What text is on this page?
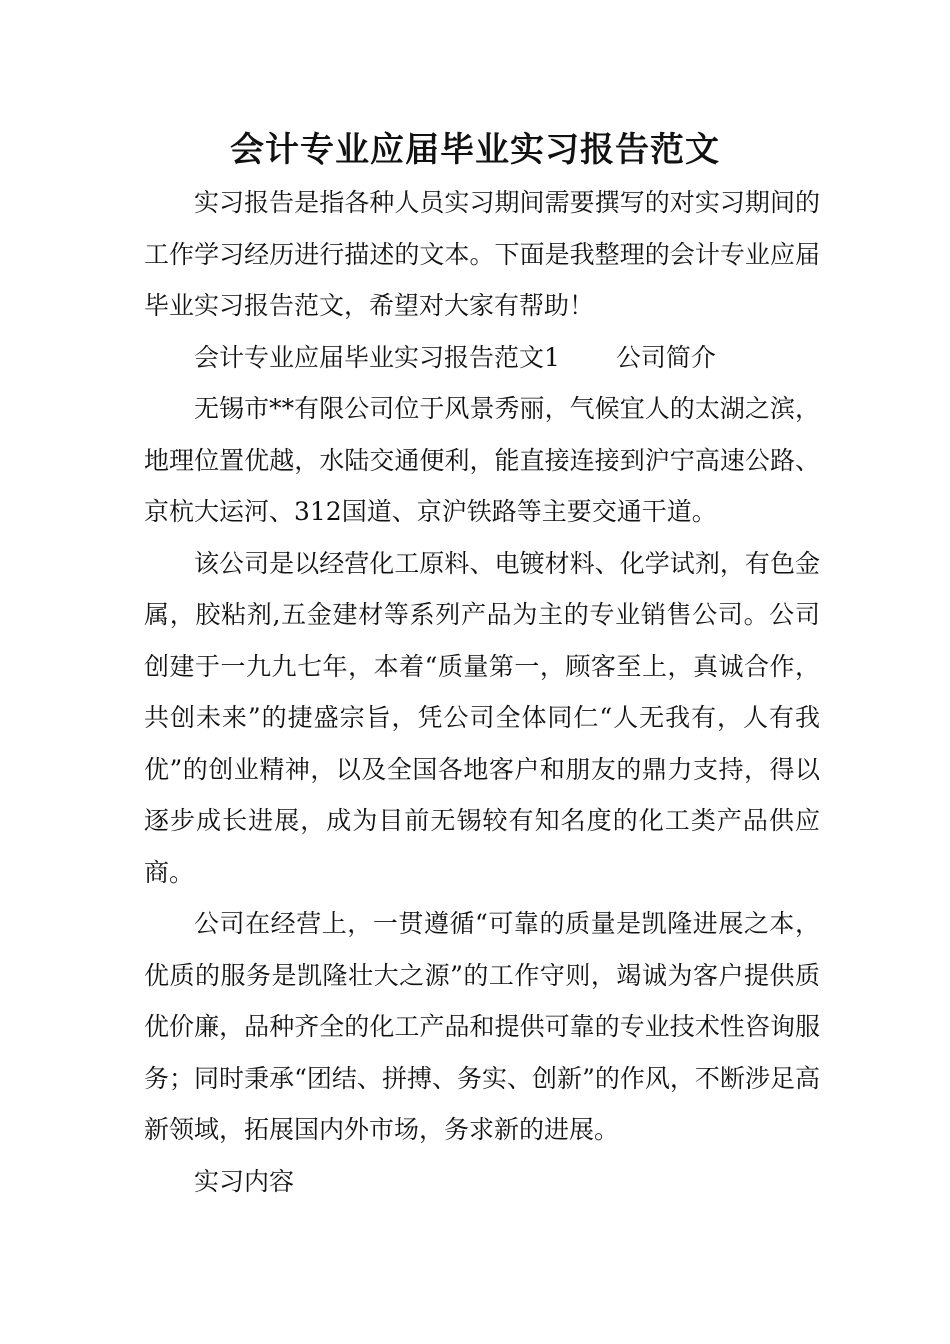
会计专业应届毕业实习报告范文

实习报告是指各种人员实习期间需要撰写的对实习期间的工作学习经历进行描述的文本。下面是我整理的会计专业应届毕业实习报告范文，希望对大家有帮助！

会计专业应届毕业实习报告范文1 公司简介

无锡市**有限公司位于风景秀丽，气候宜人的太湖之滨，地理位置优越，水陆交通便利，能直接连接到沪宁高速公路、京杭大运河、312国道、京沪铁路等主要交通干道。

该公司是以经营化工原料、电镀材料、化学试剂，有色金属，胶粘剂,五金建材等系列产品为主的专业销售公司。公司创建于一九九七年，本着“质量第一，顾客至上，真诚合作，共创未来”的捷盛宗旨，凭公司全体同仁“人无我有，人有我优”的创业精神，以及全国各地客户和朋友的鼎力支持，得以逐步成长进展，成为目前无锡较有知名度的化工类产品供应商。

公司在经营上，一贯遵循“可靠的质量是凯隆进展之本，优质的服务是凯隆壮大之源”的工作守则，竭诚为客户提供质优价廉，品种齐全的化工产品和提供可靠的专业技术性咨询服务；同时秉承“团结、拼搏、务实、创新”的作风，不断涉足高新领域，拓展国内外市场，务求新的进展。

实习内容
